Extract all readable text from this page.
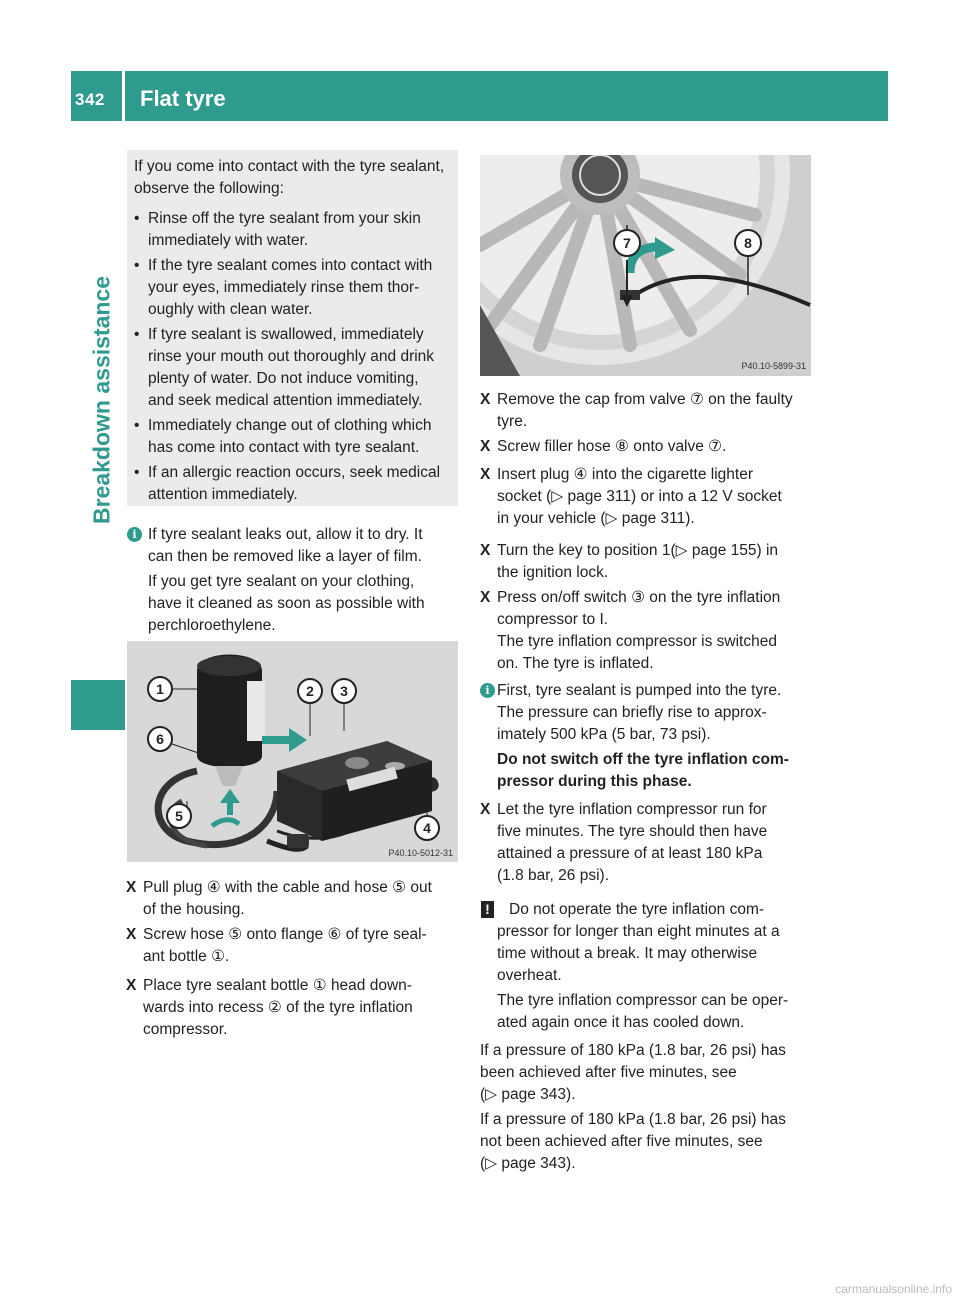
342 Flat tyre
Breakdown assistance
If you come into contact with the tyre sealant,
observe the following:
• Rinse off the tyre sealant from your skin
immediately with water.
• If the tyre sealant comes into contact with
your eyes, immediately rinse them thor-
oughly with clean water.
• If tyre sealant is swallowed, immediately
rinse your mouth out thoroughly and drink
plenty of water. Do not induce vomiting,
and seek medical attention immediately.
• Immediately change out of clothing which
has come into contact with tyre sealant.
• If an allergic reaction occurs, seek medical
attention immediately.
i If tyre sealant leaks out, allow it to dry. It
can then be removed like a layer of film.
If you get tyre sealant on your clothing,
have it cleaned as soon as possible with
perchloroethylene.
1
6
5
2 3
4
P40.10-5012-31
X Pull plug ④ with the cable and hose ⑤ out
of the housing.
X Screw hose ⑤ onto flange ⑥ of tyre seal-
ant bottle ①.
X Place tyre sealant bottle ① head down-
wards into recess ② of the tyre inflation
compressor.
7	8
P40.10-5899-31
X Remove the cap from valve ⑦ on the faulty
tyre.
X Screw filler hose ⑧ onto valve ⑦.
X Insert plug ④ into the cigarette lighter
socket (▷ page 311) or into a 12 V socket
in your vehicle (▷ page 311).
X Turn the key to position 1(▷ page 155) in
the ignition lock.
X Press on/off switch ③ on the tyre inflation
compressor to I.
The tyre inflation compressor is switched
on. The tyre is inflated.
i First, tyre sealant is pumped into the tyre.
The pressure can briefly rise to approx-
imately 500 kPa (5 bar, 73 psi).
Do not switch off the tyre inflation com-
pressor during this phase.
X Let the tyre inflation compressor run for
five minutes. The tyre should then have
attained a pressure of at least 180 kPa
(1.8 bar, 26 psi).
! Do not operate the tyre inflation com-
pressor for longer than eight minutes at a
time without a break. It may otherwise
overheat.
The tyre inflation compressor can be oper-
ated again once it has cooled down.
If a pressure of 180 kPa (1.8 bar, 26 psi) has
been achieved after five minutes, see
(▷ page 343).
If a pressure of 180 kPa (1.8 bar, 26 psi) has
not been achieved after five minutes, see
(▷ page 343).
carmanualsonline.info
